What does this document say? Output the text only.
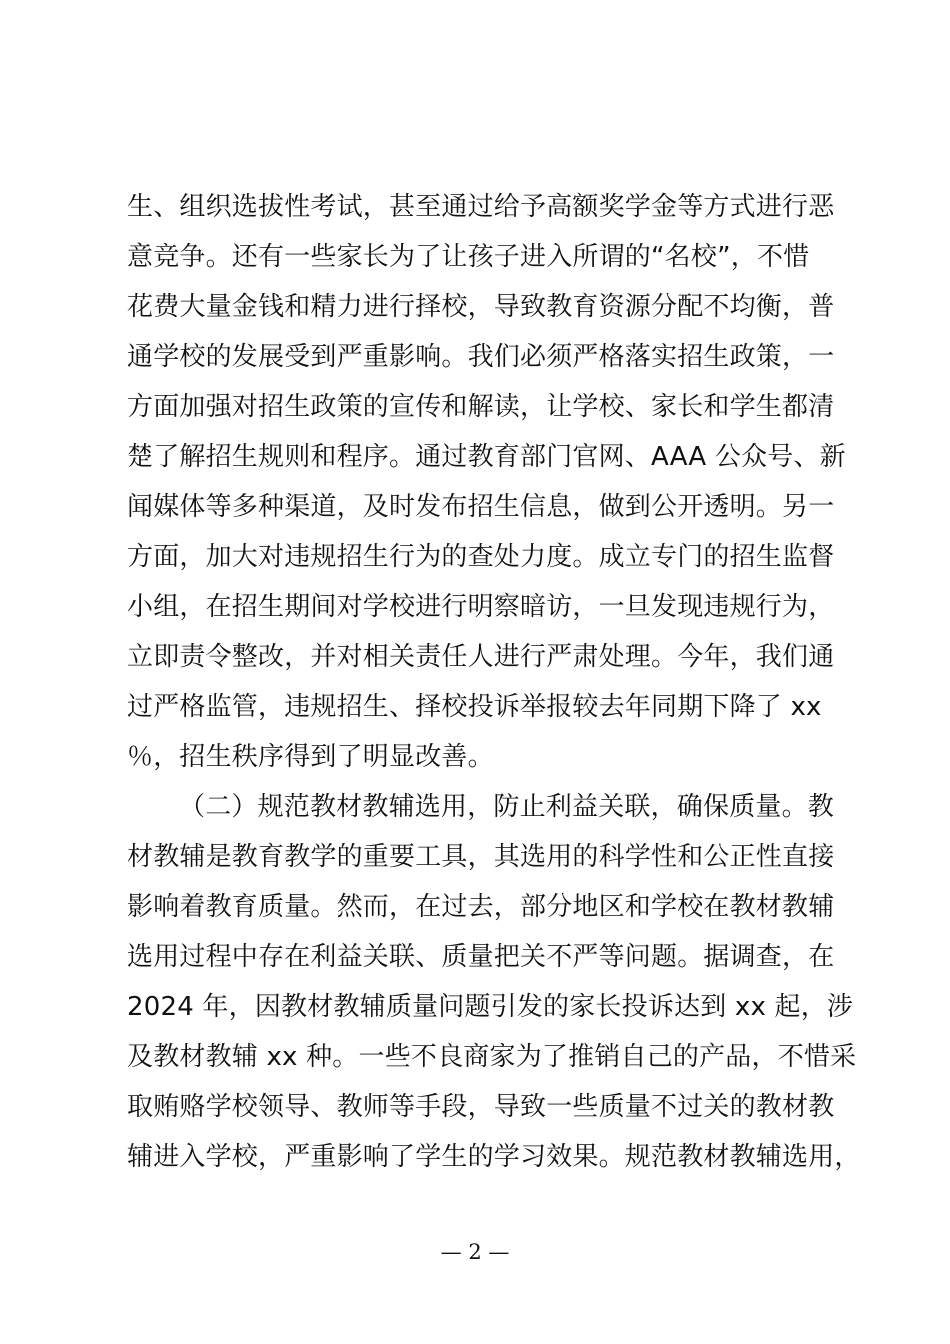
生、组织选拔性考试，甚至通过给予高额奖学金等方式进行恶
意竞争。还有一些家长为了让孩子进入所谓的“名校”，不惜
花费大量金钱和精力进行择校，导致教育资源分配不均衡，普
通学校的发展受到严重影响。我们必须严格落实招生政策，一
方面加强对招生政策的宣传和解读，让学校、家长和学生都清
楚了解招生规则和程序。通过教育部门官网、AAA 公众号、新
闻媒体等多种渠道，及时发布招生信息，做到公开透明。另一
方面，加大对违规招生行为的查处力度。成立专门的招生监督
小组，在招生期间对学校进行明察暗访，一旦发现违规行为，
立即责令整改，并对相关责任人进行严肃处理。今年，我们通
过严格监管，违规招生、择校投诉举报较去年同期下降了 xx
％，招生秩序得到了明显改善。
（二）规范教材教辅选用，防止利益关联，确保质量。教
材教辅是教育教学的重要工具，其选用的科学性和公正性直接
影响着教育质量。然而，在过去，部分地区和学校在教材教辅
选用过程中存在利益关联、质量把关不严等问题。据调查，在
2024 年，因教材教辅质量问题引发的家长投诉达到 xx 起，涉
及教材教辅 xx 种。一些不良商家为了推销自己的产品，不惜采
取贿赂学校领导、教师等手段，导致一些质量不过关的教材教
辅进入学校，严重影响了学生的学习效果。规范教材教辅选用，
— 2 —
